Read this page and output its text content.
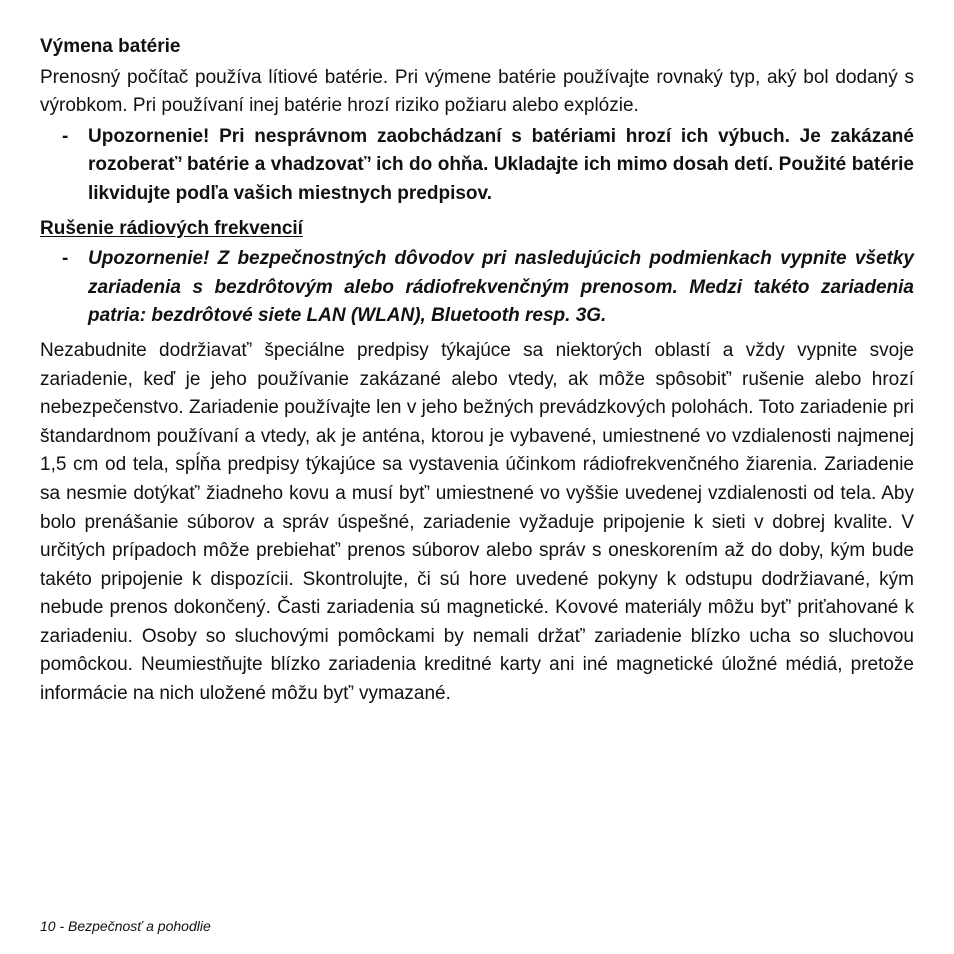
Výmena batérie
Prenosný počítač používa lítiové batérie. Pri výmene batérie používajte rovnaký typ, aký bol dodaný s výrobkom. Pri používaní inej batérie hrozí riziko požiaru alebo explózie.
- Upozornenie! Pri nesprávnom zaobchádzaní s batériami hrozí ich výbuch. Je zakázané rozoberať’ batérie a vhadzovať’ ich do ohňa. Ukladajte ich mimo dosah detí. Použité batérie likvidujte podľa vašich miestnych predpisov.
Rušenie rádiových frekvencií
- Upozornenie! Z bezpečnostných dôvodov pri nasledujúcich podmienkach vypnite všetky zariadenia s bezdrôtovým alebo rádiofrekvenčným prenosom. Medzi takéto zariadenia patria: bezdrôtové siete LAN (WLAN), Bluetooth resp. 3G.
Nezabudnite dodržiavať’ špeciálne predpisy týkajúce sa niektorých oblastí a vždy vypnite svoje zariadenie, keď je jeho používanie zakázané alebo vtedy, ak môže spôsobiť’ rušenie alebo hrozí nebezpečenstvo. Zariadenie používajte len v jeho bežných prevádzkových polohách. Toto zariadenie pri štandardnom používaní a vtedy, ak je anténa, ktorou je vybavené, umiestnené vo vzdialenosti najmenej 1,5 cm od tela, spĺňa predpisy týkajúce sa vystavenia účinkom rádiofrekvenčného žiarenia. Zariadenie sa nesmie dotýkať’ žiadneho kovu a musí byť’ umiestnené vo vyššie uvedenej vzdialenosti od tela. Aby bolo prenášanie súborov a správ úspešné, zariadenie vyžaduje pripojenie k sieti v dobrej kvalite. V určitých prípadoch môže prebiehať’ prenos súborov alebo správ s oneskorením až do doby, kým bude takéto pripojenie k dispozícii. Skontrolujte, či sú hore uvedené pokyny k odstupu dodržiavané, kým nebude prenos dokončený. Časti zariadenia sú magnetické. Kovové materiály môžu byť’ priťahované k zariadeniu. Osoby so sluchovými pomôckami by nemali držať’ zariadenie blízko ucha so sluchovou pomôckou. Neumiestňujte blízko zariadenia kreditné karty ani iné magnetické úložné médiá, pretože informácie na nich uložené môžu byť’ vymazané.
10 - Bezpečnosť a pohodlie
